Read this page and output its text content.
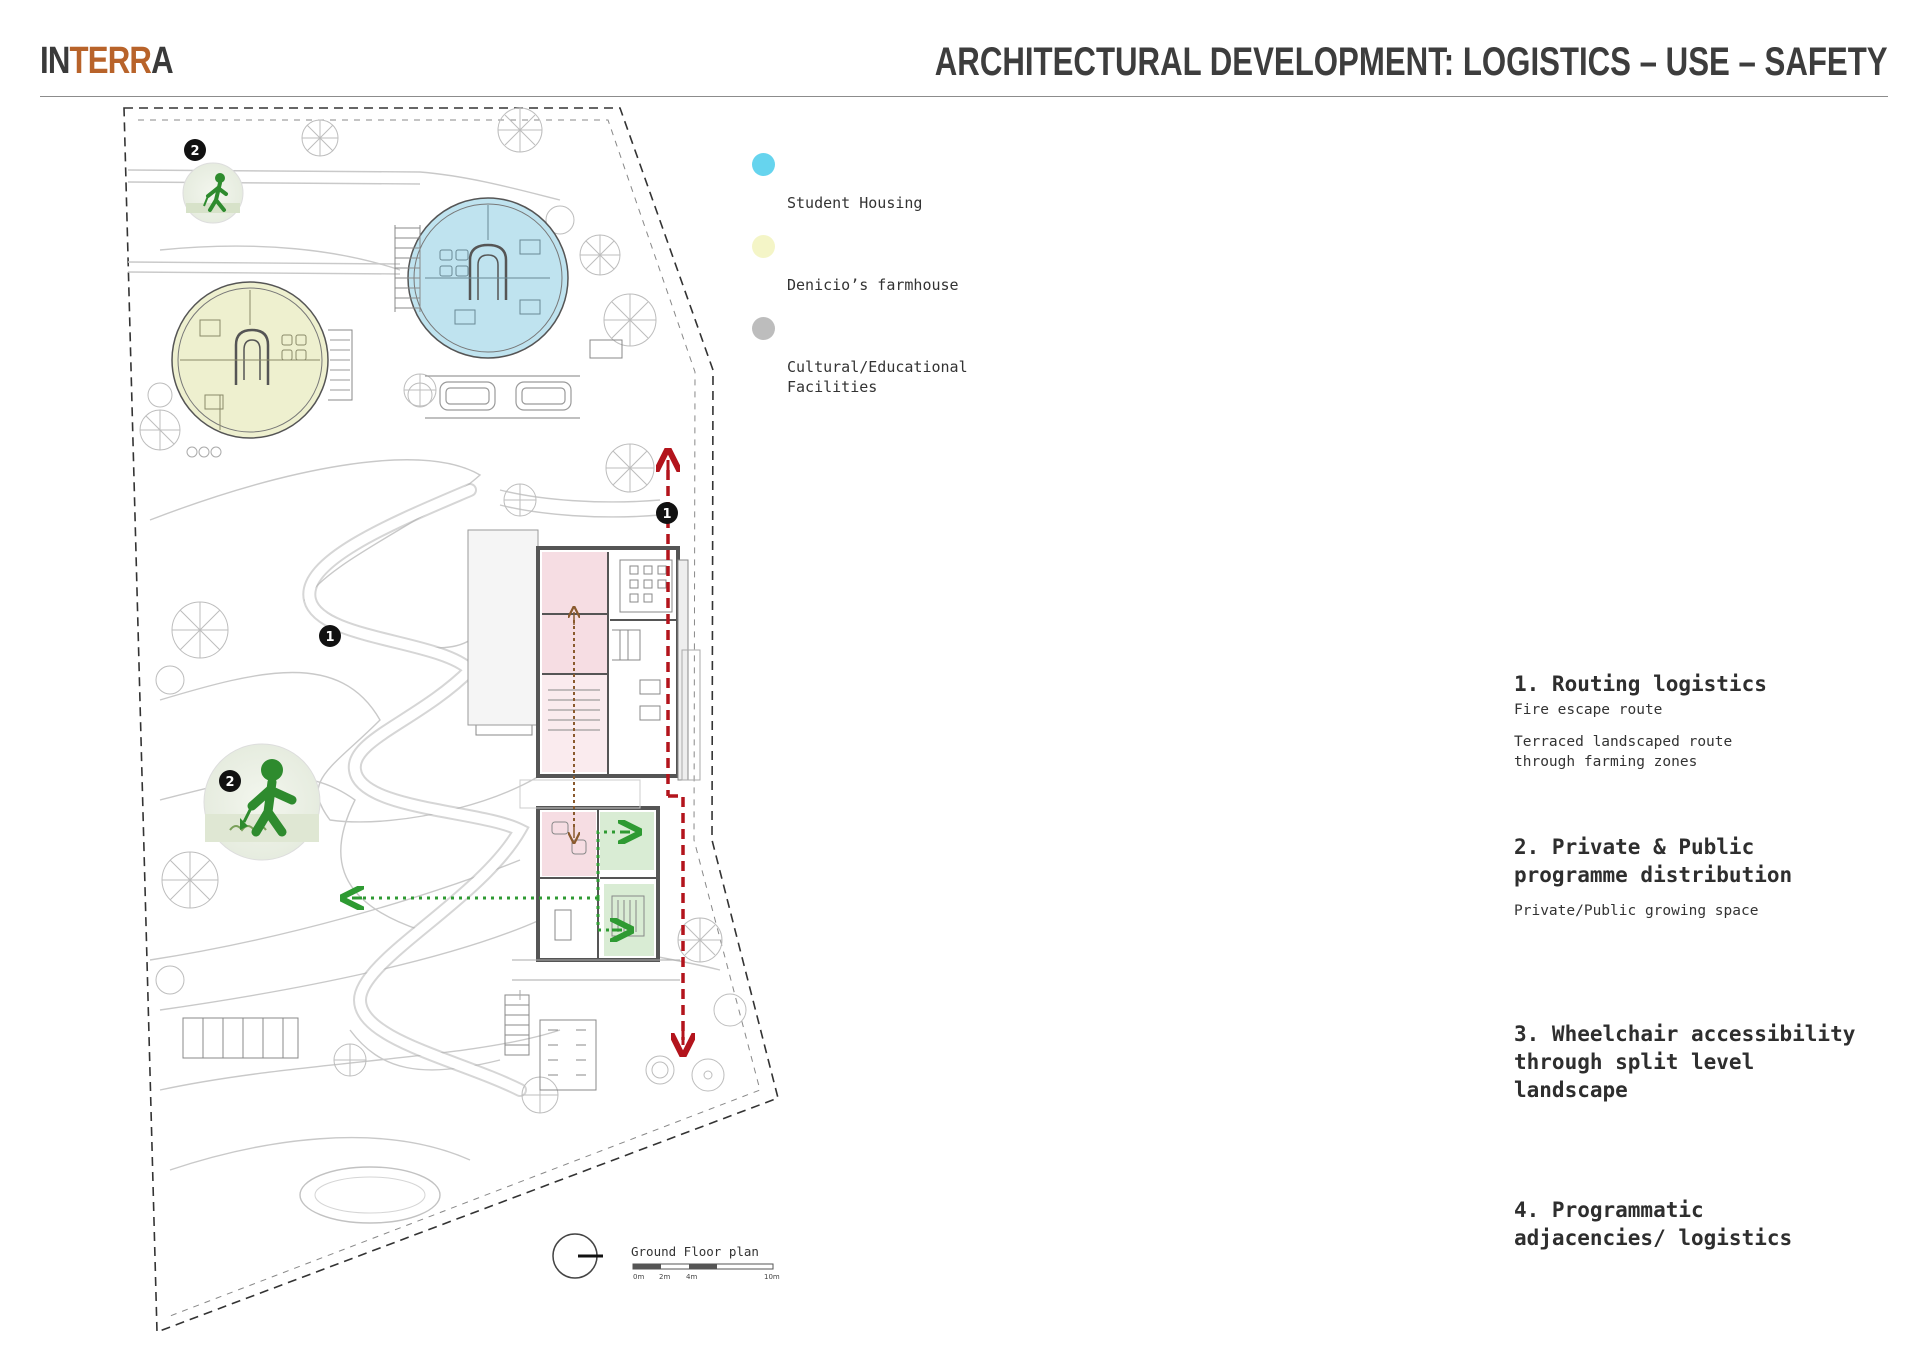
INTERRA	ARCHITECTURAL DEVELOPMENT: LOGISTICS – USE – SAFETY
1
1
2
2
0m 2m 4m	10m
Ground Floor plan

Student Housing

Denicio’s farmhouse

Cultural/Educational
Facilities

1. Routing logistics
Fire escape route
Terraced landscaped route
through farming zones
2. Private & Public
programme distribution
Private/Public growing space
3. Wheelchair accessibility
through split level
landscape
4. Programmatic
adjacencies/ logistics
